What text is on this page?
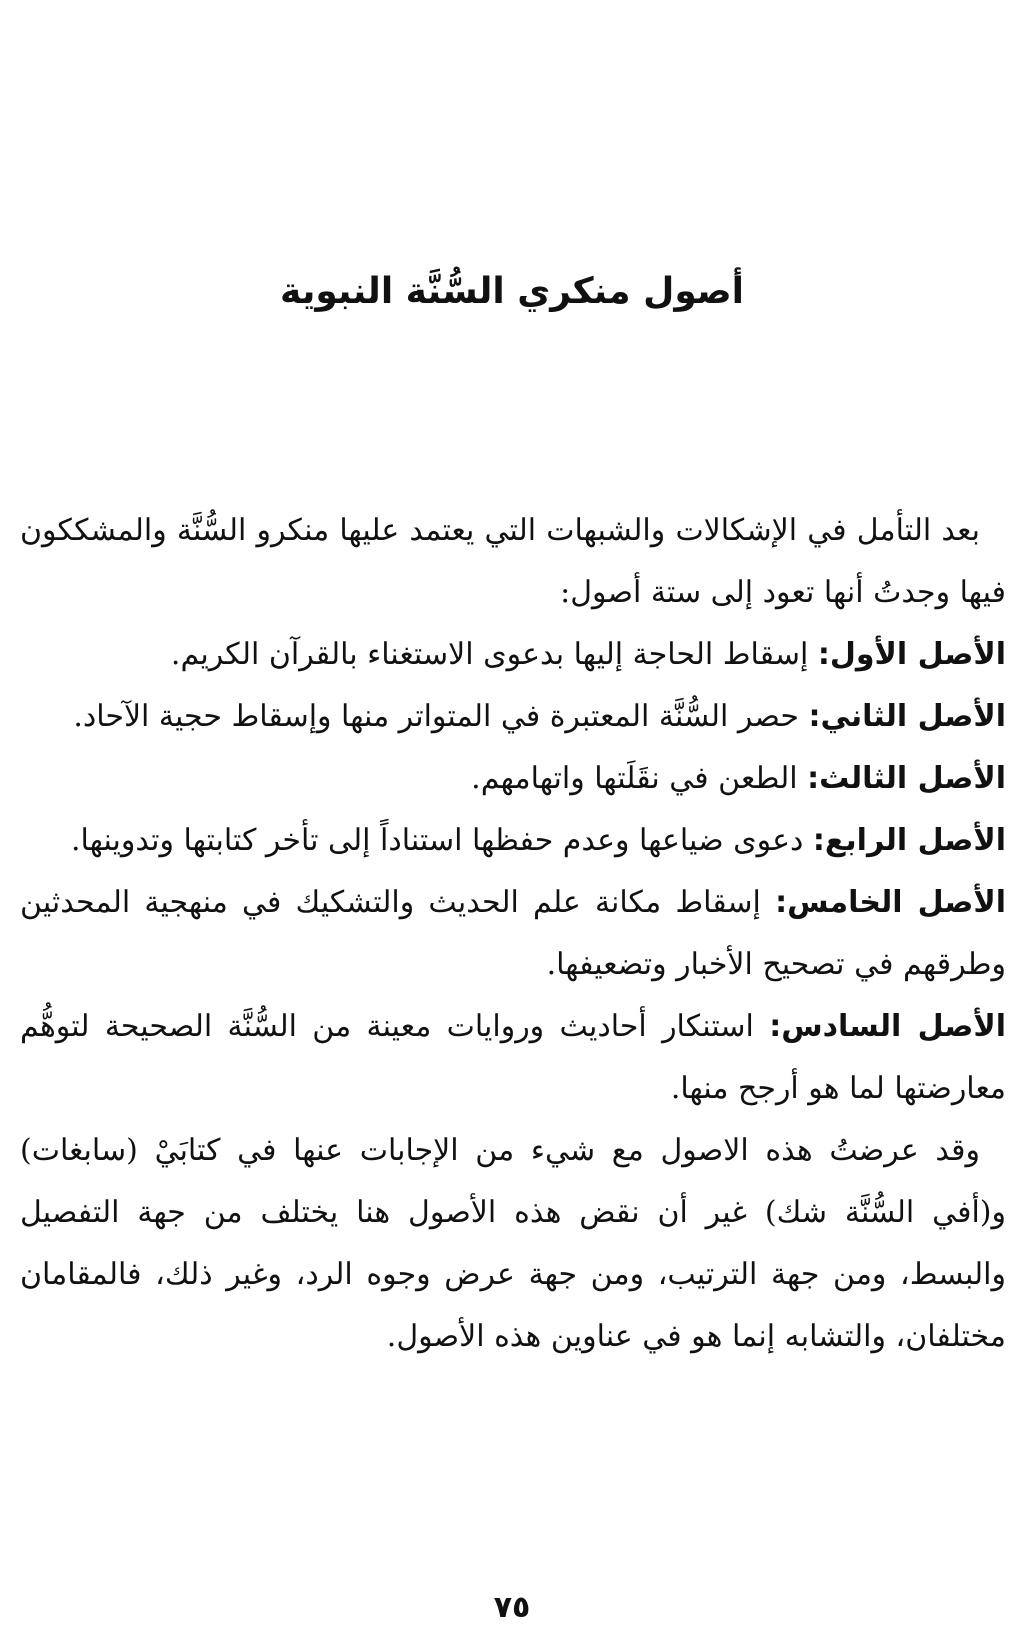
أصول منكري السُّنَّة النبوية

بعد التأمل في الإشكالات والشبهات التي يعتمد عليها منكرو السُّنَّة والمشككون فيها وجدتُ أنها تعود إلى ستة أصول:

الأصل الأول: إسقاط الحاجة إليها بدعوى الاستغناء بالقرآن الكريم.

الأصل الثاني: حصر السُّنَّة المعتبرة في المتواتر منها وإسقاط حجية الآحاد.

الأصل الثالث: الطعن في نقَلَتها واتهامهم.

الأصل الرابع: دعوى ضياعها وعدم حفظها استناداً إلى تأخر كتابتها وتدوينها.

الأصل الخامس: إسقاط مكانة علم الحديث والتشكيك في منهجية المحدثين وطرقهم في تصحيح الأخبار وتضعيفها.

الأصل السادس: استنكار أحاديث وروايات معينة من السُّنَّة الصحيحة لتوهُّم معارضتها لما هو أرجح منها.

وقد عرضتُ هذه الاصول مع شيء من الإجابات عنها في كتابَيْ (سابغات) و(أفي السُّنَّة شك) غير أن نقض هذه الأصول هنا يختلف من جهة التفصيل والبسط، ومن جهة الترتيب، ومن جهة عرض وجوه الرد، وغير ذلك، فالمقامان مختلفان، والتشابه إنما هو في عناوين هذه الأصول.

٧٥
